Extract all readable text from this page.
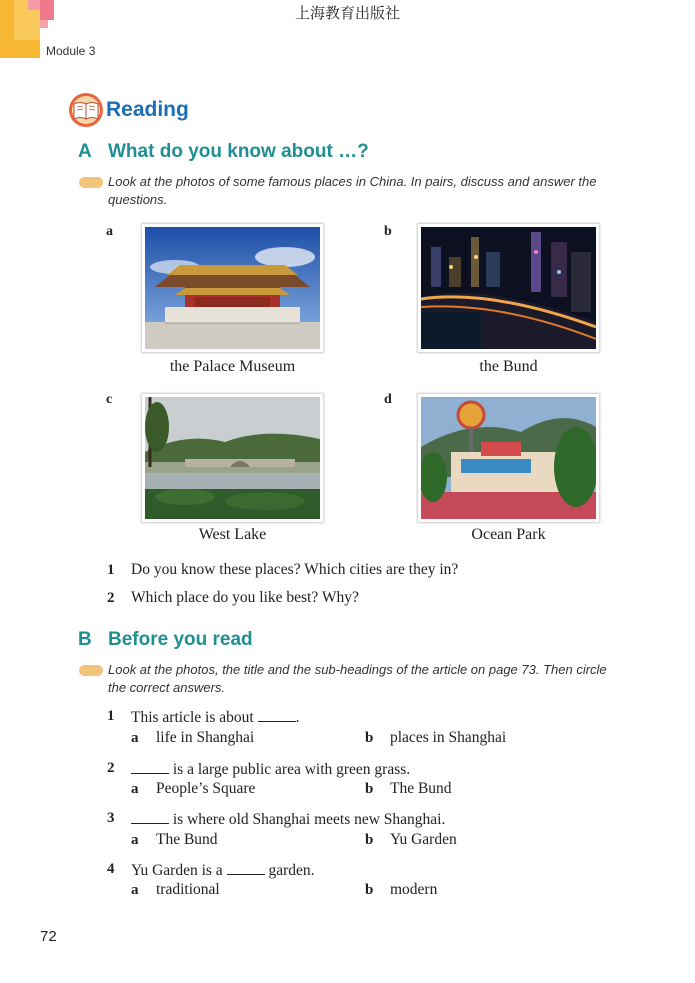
上海教育出版社
Module 3
Reading
A What do you know about …?
Look at the photos of some famous places in China. In pairs, discuss and answer the questions.
a	b
c	d
the Palace Museum	the Bund
West Lake	Ocean Park
1 Do you know these places? Which cities are they in?
2 Which place do you like best? Why?
B Before you read
Look at the photos, the title and the sub-headings of the article on page 73. Then circle the correct answers.
1 This article is about	.
a life in Shanghai	b places in Shanghai
2	is a large public area with green grass.
a People’s Square	b The Bund
3	is where old Shanghai meets new Shanghai.
a The Bund	b Yu Garden
4 Yu Garden is a	garden.
a traditional	b modern
72
